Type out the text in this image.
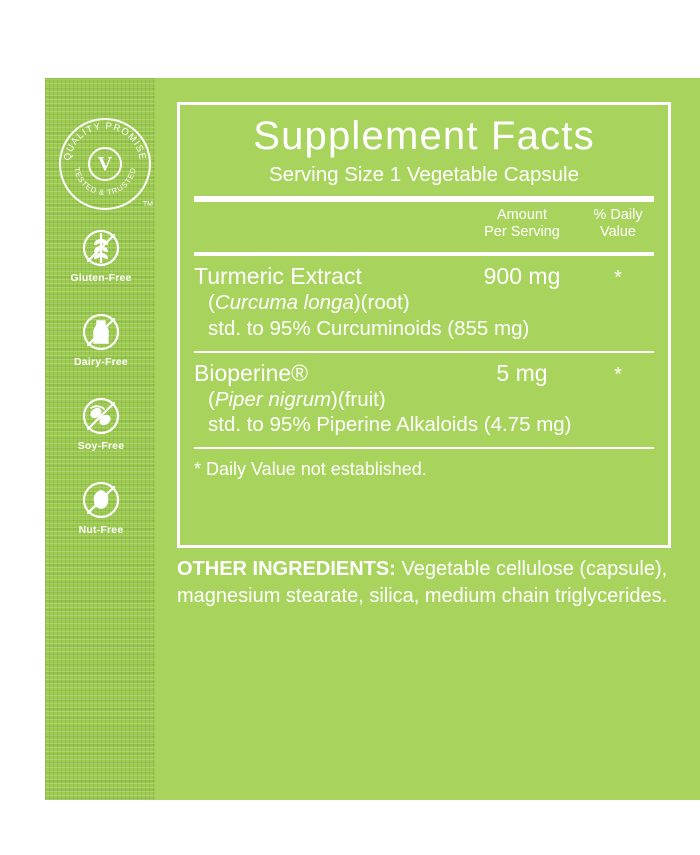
QUALITY PROMISE
TESTED & TRUSTED
V
TM
Gluten-Free
Dairy-Free
Soy-Free
Nut-Free
Supplement Facts
Serving Size 1 Vegetable Capsule
Amount
Per Serving
% Daily
Value
Turmeric Extract	900 mg	*
(Curcuma longa)(root)
std. to 95% Curcuminoids (855 mg)
Bioperine®	5 mg	*
(Piper nigrum)(fruit)
std. to 95% Piperine Alkaloids (4.75 mg)
* Daily Value not established.
OTHER INGREDIENTS: Vegetable cellulose (capsule), magnesium stearate, silica, medium chain triglycerides.
